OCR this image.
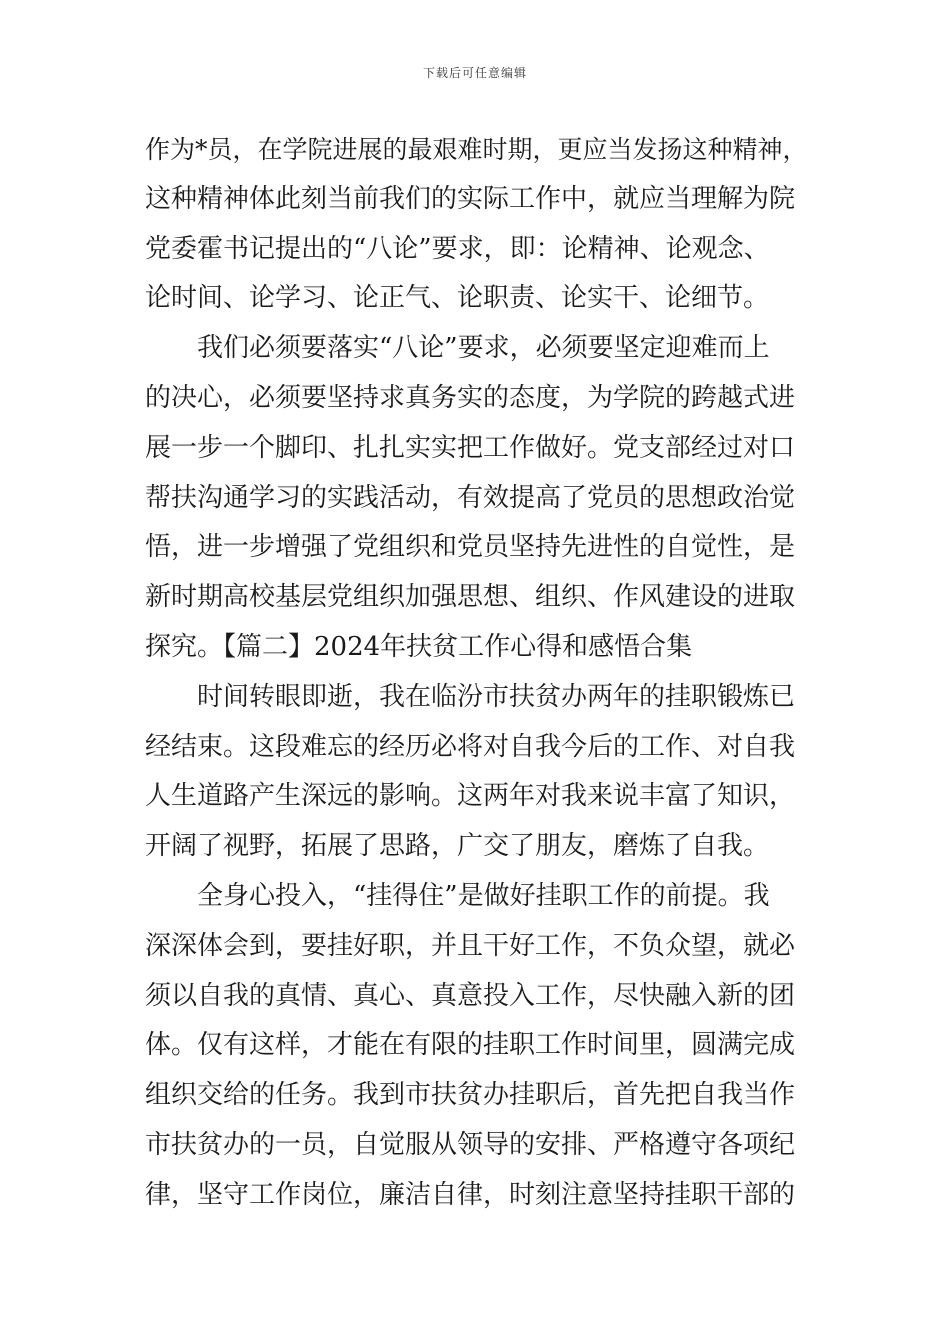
下载后可任意编辑
作为*员，在学院进展的最艰难时期，更应当发扬这种精神，
这种精神体此刻当前我们的实际工作中，就应当理解为院
党委霍书记提出的“八论”要求，即：论精神、论观念、
论时间、论学习、论正气、论职责、论实干、论细节。
我们必须要落实“八论”要求，必须要坚定迎难而上
的决心，必须要坚持求真务实的态度，为学院的跨越式进
展一步一个脚印、扎扎实实把工作做好。党支部经过对口
帮扶沟通学习的实践活动，有效提高了党员的思想政治觉
悟，进一步增强了党组织和党员坚持先进性的自觉性，是
新时期高校基层党组织加强思想、组织、作风建设的进取
探究。【篇二】2024年扶贫工作心得和感悟合集
时间转眼即逝，我在临汾市扶贫办两年的挂职锻炼已
经结束。这段难忘的经历必将对自我今后的工作、对自我
人生道路产生深远的影响。这两年对我来说丰富了知识，
开阔了视野，拓展了思路，广交了朋友，磨炼了自我。
全身心投入，“挂得住”是做好挂职工作的前提。我
深深体会到，要挂好职，并且干好工作，不负众望，就必
须以自我的真情、真心、真意投入工作，尽快融入新的团
体。仅有这样，才能在有限的挂职工作时间里，圆满完成
组织交给的任务。我到市扶贫办挂职后，首先把自我当作
市扶贫办的一员，自觉服从领导的安排、严格遵守各项纪
律，坚守工作岗位，廉洁自律，时刻注意坚持挂职干部的
